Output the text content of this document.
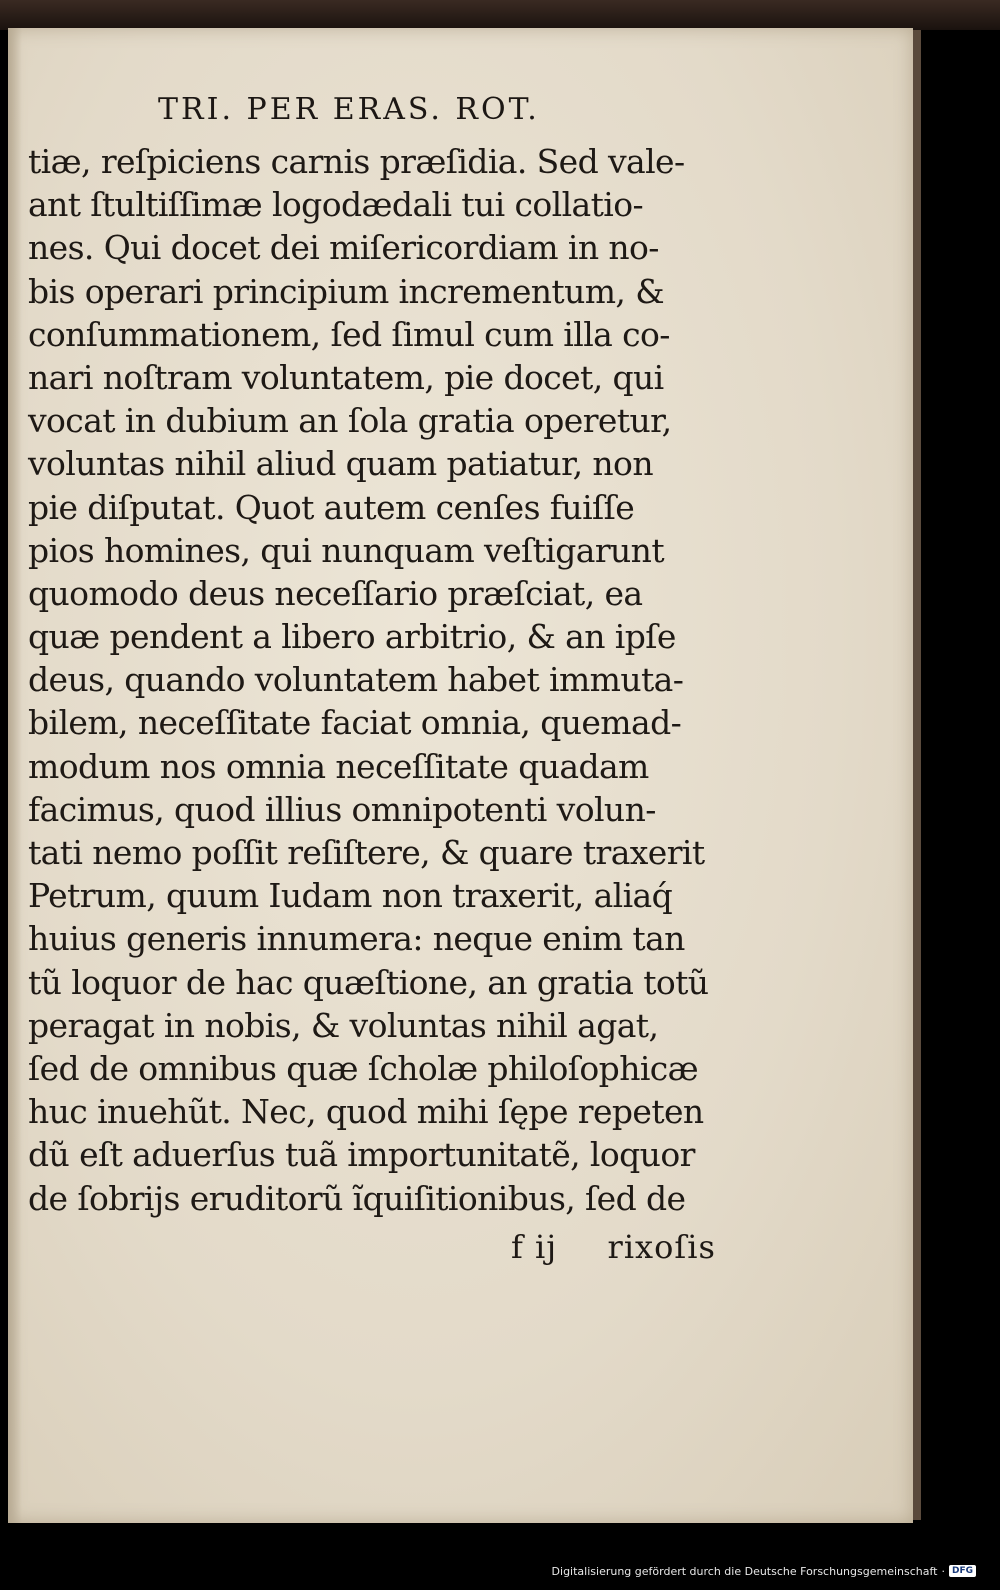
TRI. PER ERAS. ROT.
tiæ, reſpiciens carnis præſidia. Sed vale-
ant ſtultiſſimæ logodædali tui collatio-
nes. Qui docet dei miſericordiam in no-
bis operari principium incrementum, &
conſummationem, ſed ſimul cum illa co-
nari noſtram voluntatem, pie docet, qui
vocat in dubium an ſola gratia operetur,
voluntas nihil aliud quam patiatur, non
pie diſputat. Quot autem cenſes fuiſſe
pios homines, qui nunquam veſtigarunt
quomodo deus neceſſario præſciat, ea
quæ pendent a libero arbitrio, & an ipſe
deus, quando voluntatem habet immuta-
bilem, neceſſitate faciat omnia, quemad-
modum nos omnia neceſſitate quadam
facimus, quod illius omnipotenti volun-
tati nemo poſſit reſiſtere, & quare traxerit
Petrum, quum Iudam non traxerit, aliaq́
huius generis innumera: neque enim tan
tũ loquor de hac quæſtione, an gratia totũ
peragat in nobis, & voluntas nihil agat,
ſed de omnibus quæ ſcholæ philoſophicæ
huc inuehũt. Nec, quod mihi ſępe repeten
dũ eſt aduerſus tuã importunitatẽ, loquor
de ſobrijs eruditorũ ĩquiſitionibus, ſed de
f ij rixoſis
Digitalisierung gefördert durch die Deutsche Forschungsgemeinschaft · DFG
